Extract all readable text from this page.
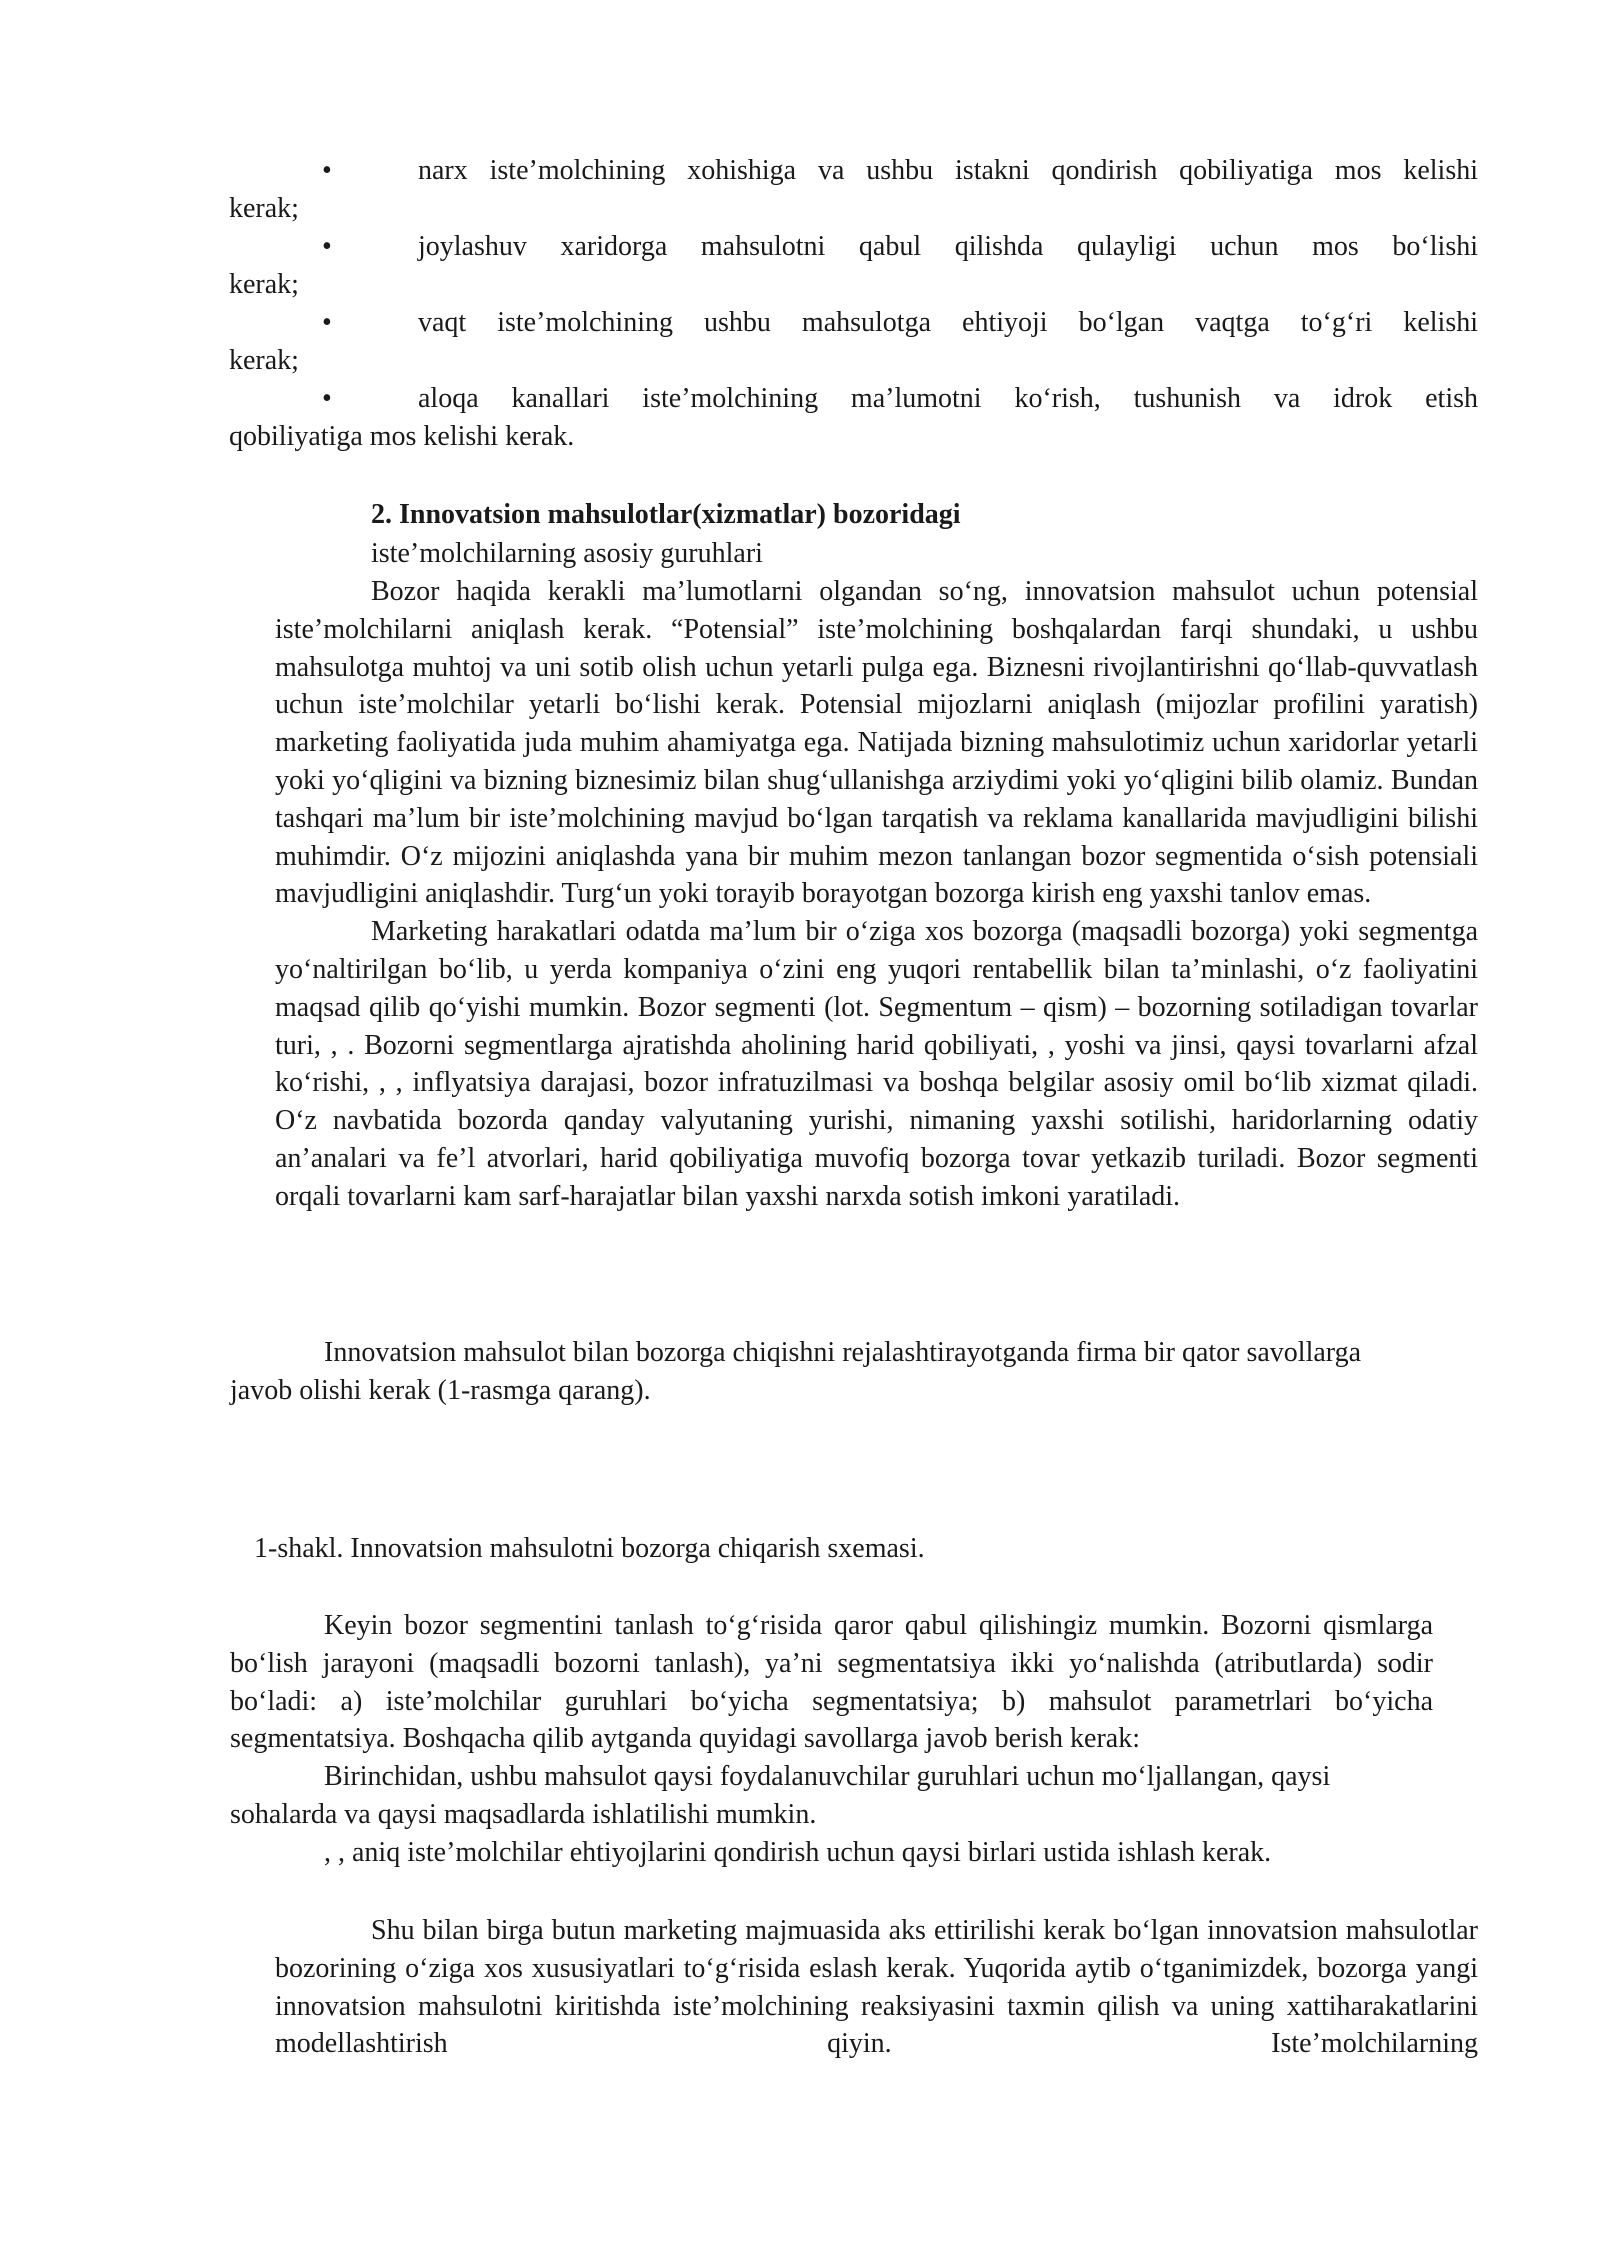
•	narx iste’molchining xohishiga va ushbu istakni qondirish qobiliyatiga mos kelishi
kerak;
•	joylashuv xaridorga mahsulotni qabul qilishda qulayligi uchun mos bo‘lishi
kerak;
•	vaqt iste’molchining ushbu mahsulotga ehtiyoji bo‘lgan vaqtga to‘g‘ri kelishi
kerak;
•	aloqa kanallari iste’molchining ma’lumotni ko‘rish, tushunish va idrok etish
qobiliyatiga mos kelishi kerak.

2. Innovatsion mahsulotlar(xizmatlar) bozoridagi

iste’molchilarning asosiy guruhlari

Bozor haqida kerakli ma’lumotlarni olgandan so‘ng, innovatsion mahsulot uchun potensial iste’molchilarni aniqlash kerak. “Potensial” iste’molchining boshqalardan farqi shundaki, u ushbu mahsulotga muhtoj va uni sotib olish uchun yetarli pulga ega. Biznesni rivojlantirishni qo‘llab-quvvatlash uchun iste’molchilar yetarli bo‘lishi kerak. Potensial mijozlarni aniqlash (mijozlar profilini yaratish) marketing faoliyatida juda muhim ahamiyatga ega. Natijada bizning mahsulotimiz uchun xaridorlar yetarli yoki yo‘qligini va bizning biznesimiz bilan shug‘ullanishga arziydimi yoki yo‘qligini bilib olamiz. Bundan tashqari ma’lum bir iste’molchining mavjud bo‘lgan tarqatish va reklama kanallarida mavjudligini bilishi muhimdir. O‘z mijozini aniqlashda yana bir muhim mezon tanlangan bozor segmentida o‘sish potensiali mavjudligini aniqlashdir. Turg‘un yoki torayib borayotgan bozorga kirish eng yaxshi tanlov emas.

Marketing harakatlari odatda ma’lum bir o‘ziga xos bozorga (maqsadli bozorga) yoki segmentga yo‘naltirilgan bo‘lib, u yerda kompaniya o‘zini eng yuqori rentabellik bilan ta’minlashi, o‘z faoliyatini maqsad qilib qo‘yishi mumkin. Bozor segmenti (lot. Segmentum – qism) – bozorning sotiladigan tovarlar turi, , . Bozorni segmentlarga ajratishda aholining harid qobiliyati, , yoshi va jinsi, qaysi tovarlarni afzal ko‘rishi, , , inflyatsiya darajasi, bozor infratuzilmasi va boshqa belgilar asosiy omil bo‘lib xizmat qiladi. O‘z navbatida bozorda qanday valyutaning yurishi, nimaning yaxshi sotilishi, haridorlarning odatiy an’analari va fe’l atvorlari, harid qobiliyatiga muvofiq bozorga tovar yetkazib turiladi. Bozor segmenti orqali tovarlarni kam sarf-harajatlar bilan yaxshi narxda sotish imkoni yaratiladi.

Innovatsion mahsulot bilan bozorga chiqishni rejalashtirayotganda firma bir qator savollarga javob olishi kerak (1-rasmga qarang).

1-shakl. Innovatsion mahsulotni bozorga chiqarish sxemasi.

Keyin bozor segmentini tanlash to‘g‘risida qaror qabul qilishingiz mumkin. Bozorni qismlarga bo‘lish jarayoni (maqsadli bozorni tanlash), ya’ni segmentatsiya ikki yo‘nalishda (atributlarda) sodir bo‘ladi: a) iste’molchilar guruhlari bo‘yicha segmentatsiya; b) mahsulot parametrlari bo‘yicha segmentatsiya. Boshqacha qilib aytganda quyidagi savollarga javob berish kerak:

Birinchidan, ushbu mahsulot qaysi foydalanuvchilar guruhlari uchun mo‘ljallangan, qaysi sohalarda va qaysi maqsadlarda ishlatilishi mumkin.

, , aniq iste’molchilar ehtiyojlarini qondirish uchun qaysi birlari ustida ishlash kerak.

Shu bilan birga butun marketing majmuasida aks ettirilishi kerak bo‘lgan innovatsion mahsulotlar bozorining o‘ziga xos xususiyatlari to‘g‘risida eslash kerak. Yuqorida aytib o‘tganimizdek, bozorga yangi innovatsion mahsulotni kiritishda iste’molchining reaksiyasini taxmin qilish va uning xattiharakatlarini modellashtirish qiyin. Iste’molchilarning
